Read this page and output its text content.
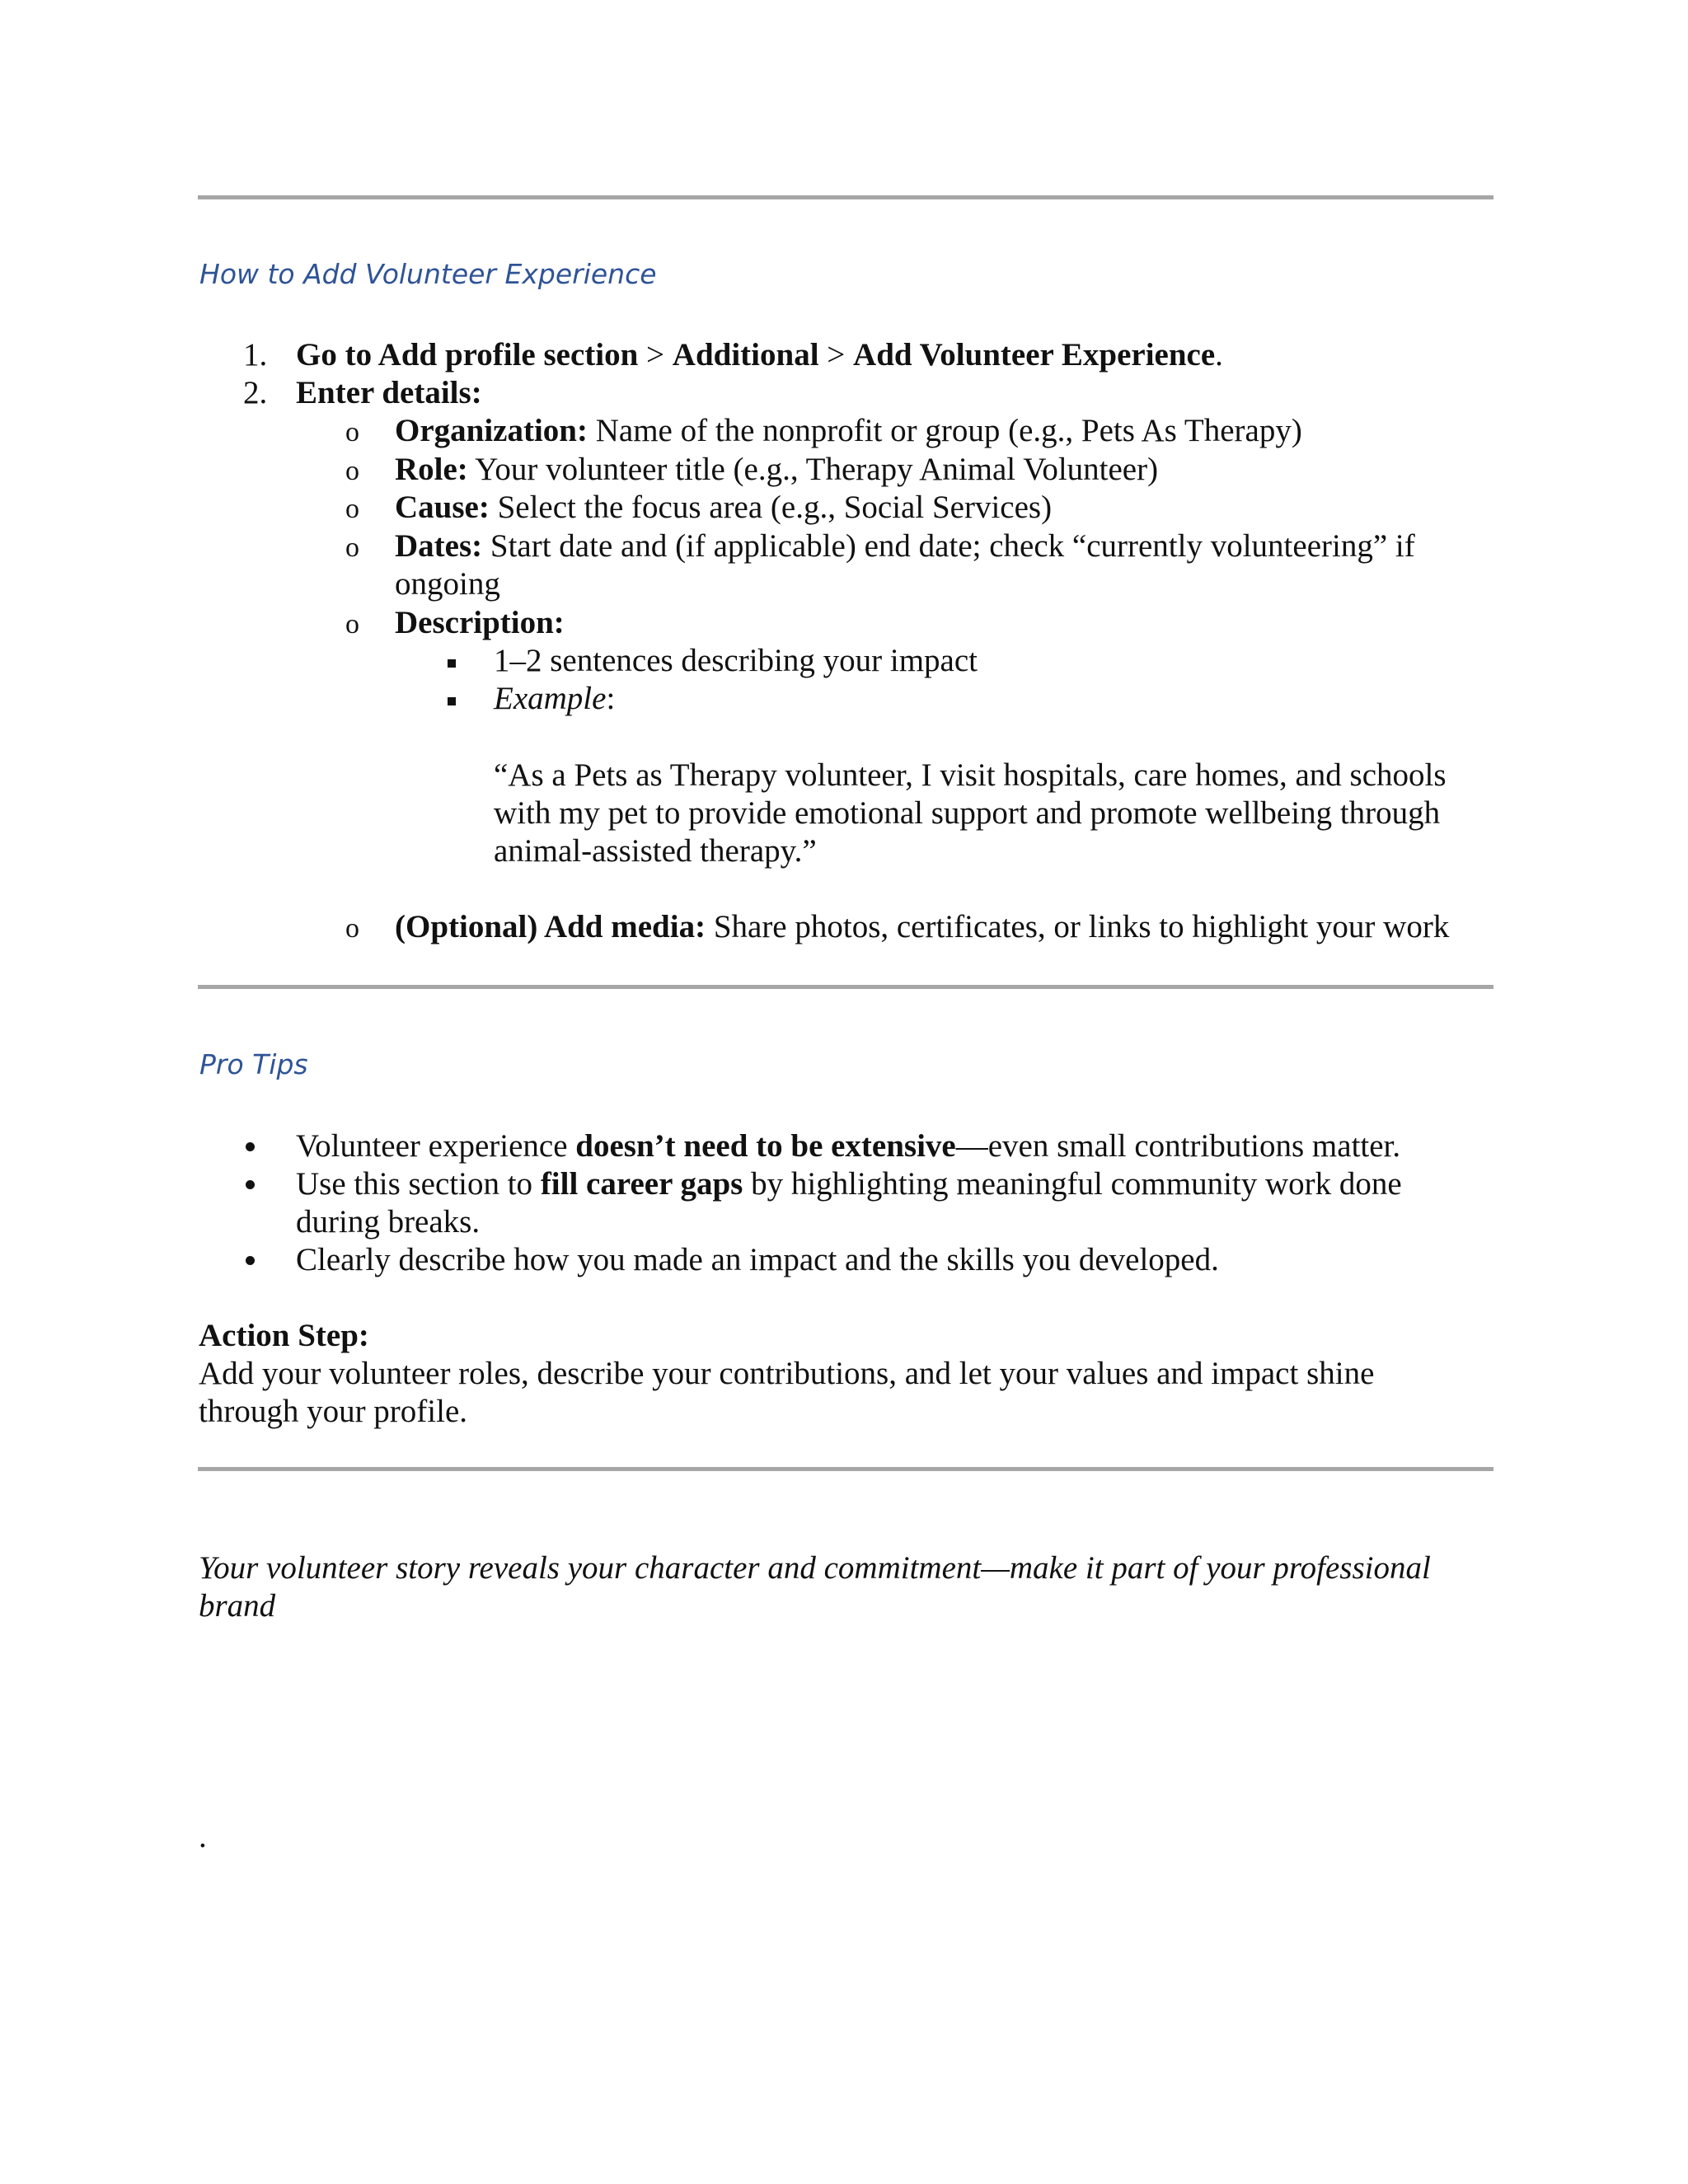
How to Add Volunteer Experience
1. Go to Add profile section > Additional > Add Volunteer Experience.
2. Enter details:
o Organization: Name of the nonprofit or group (e.g., Pets As Therapy)
o Role: Your volunteer title (e.g., Therapy Animal Volunteer)
o Cause: Select the focus area (e.g., Social Services)
o Dates: Start date and (if applicable) end date; check “currently volunteering” if
ongoing
o Description:
1–2 sentences describing your impact
Example:
“As a Pets as Therapy volunteer, I visit hospitals, care homes, and schools
with my pet to provide emotional support and promote wellbeing through
animal-assisted therapy.”
o (Optional) Add media: Share photos, certificates, or links to highlight your work
Pro Tips
Volunteer experience doesn’t need to be extensive—even small contributions matter.
Use this section to fill career gaps by highlighting meaningful community work done
during breaks.
Clearly describe how you made an impact and the skills you developed.
Action Step:
Add your volunteer roles, describe your contributions, and let your values and impact shine
through your profile.
Your volunteer story reveals your character and commitment—make it part of your professional
brand
.
